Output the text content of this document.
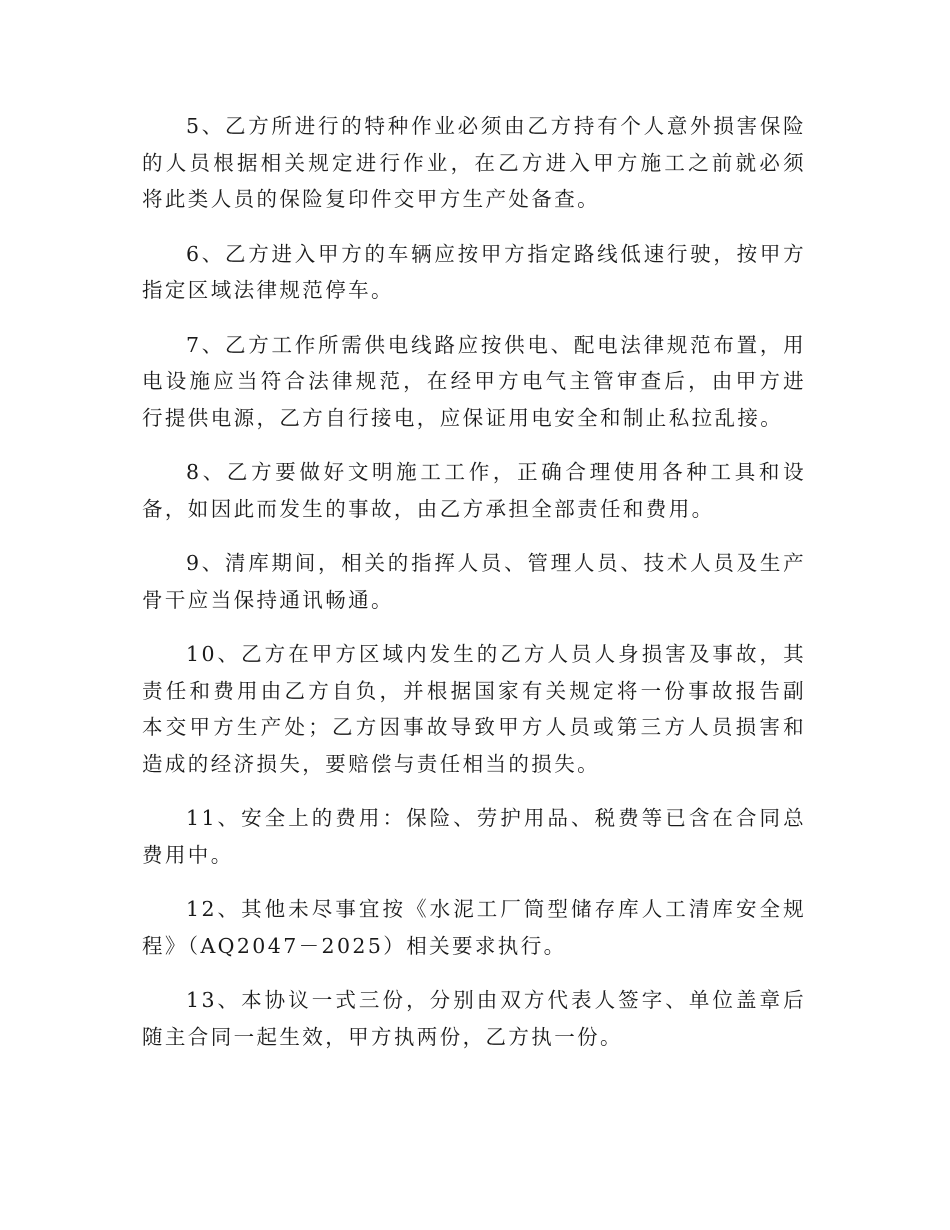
5、乙方所进行的特种作业必须由乙方持有个人意外损害保险的人员根据相关规定进行作业，在乙方进入甲方施工之前就必须将此类人员的保险复印件交甲方生产处备查。

6、乙方进入甲方的车辆应按甲方指定路线低速行驶，按甲方指定区域法律规范停车。

7、乙方工作所需供电线路应按供电、配电法律规范布置，用电设施应当符合法律规范，在经甲方电气主管审查后，由甲方进行提供电源，乙方自行接电，应保证用电安全和制止私拉乱接。

8、乙方要做好文明施工工作，正确合理使用各种工具和设备，如因此而发生的事故，由乙方承担全部责任和费用。

9、清库期间，相关的指挥人员、管理人员、技术人员及生产骨干应当保持通讯畅通。

10、乙方在甲方区域内发生的乙方人员人身损害及事故，其责任和费用由乙方自负，并根据国家有关规定将一份事故报告副本交甲方生产处；乙方因事故导致甲方人员或第三方人员损害和造成的经济损失，要赔偿与责任相当的损失。

11、安全上的费用：保险、劳护用品、税费等已含在合同总费用中。

12、其他未尽事宜按《水泥工厂筒型储存库人工清库安全规程》（AQ2047－2025）相关要求执行。

13、本协议一式三份，分别由双方代表人签字、单位盖章后随主合同一起生效，甲方执两份，乙方执一份。
